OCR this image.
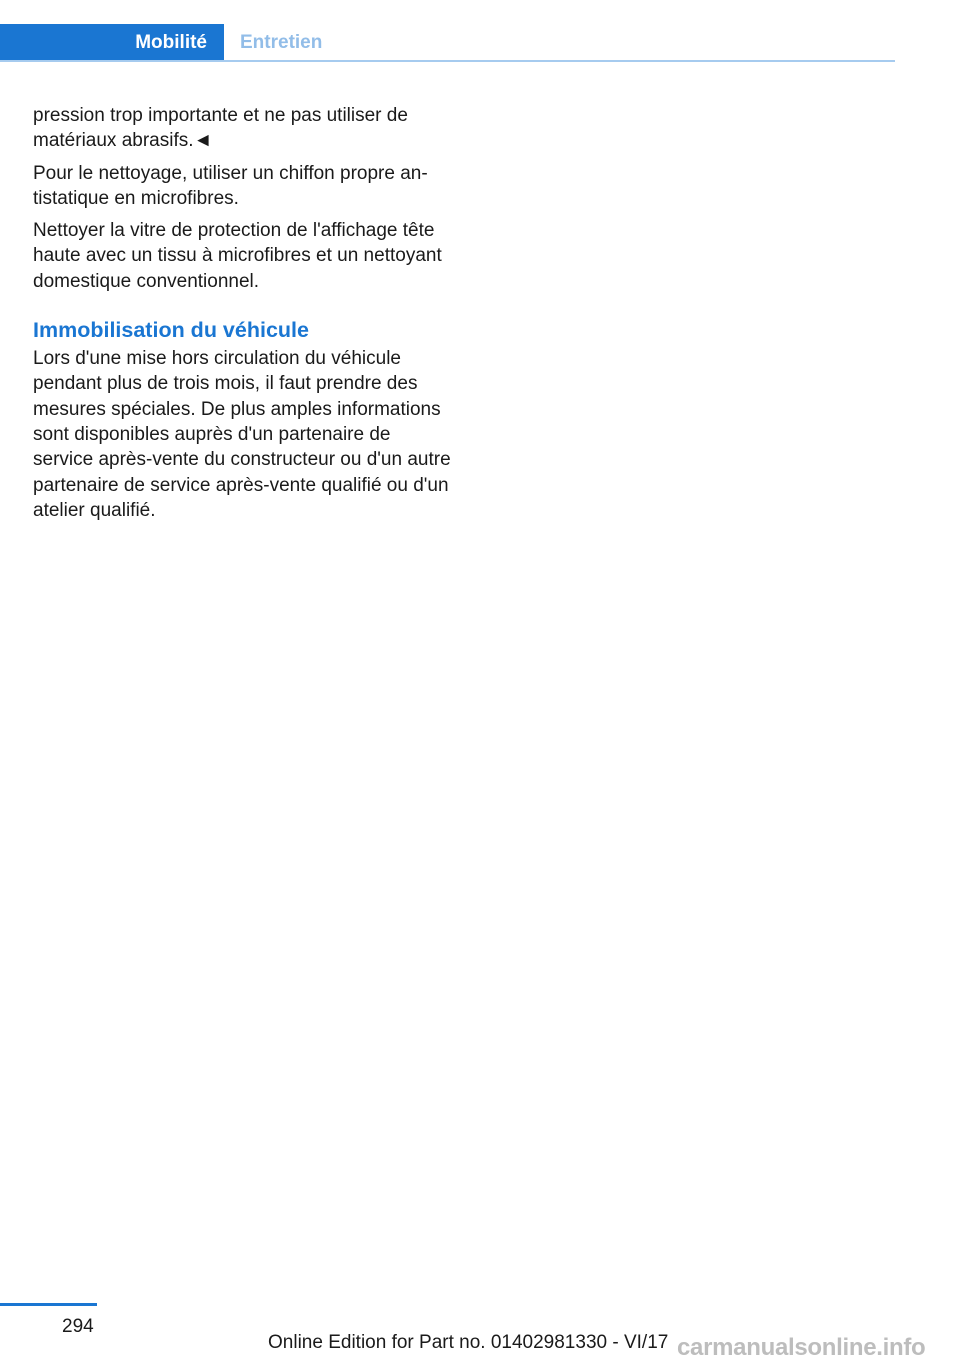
Mobilité Entretien

pression trop importante et ne pas utiliser de matériaux abrasifs.◄

Pour le nettoyage, utiliser un chiffon propre antistatique en microfibres.

Nettoyer la vitre de protection de l'affichage tête haute avec un tissu à microfibres et un nettoyant domestique conventionnel.

Immobilisation du véhicule

Lors d'une mise hors circulation du véhicule pendant plus de trois mois, il faut prendre des mesures spéciales. De plus amples informations sont disponibles auprès d'un partenaire de service après-vente du constructeur ou d'un autre partenaire de service après-vente qualifié ou d'un atelier qualifié.

294
Online Edition for Part no. 01402981330 - VI/17 carmanualsonline.info
